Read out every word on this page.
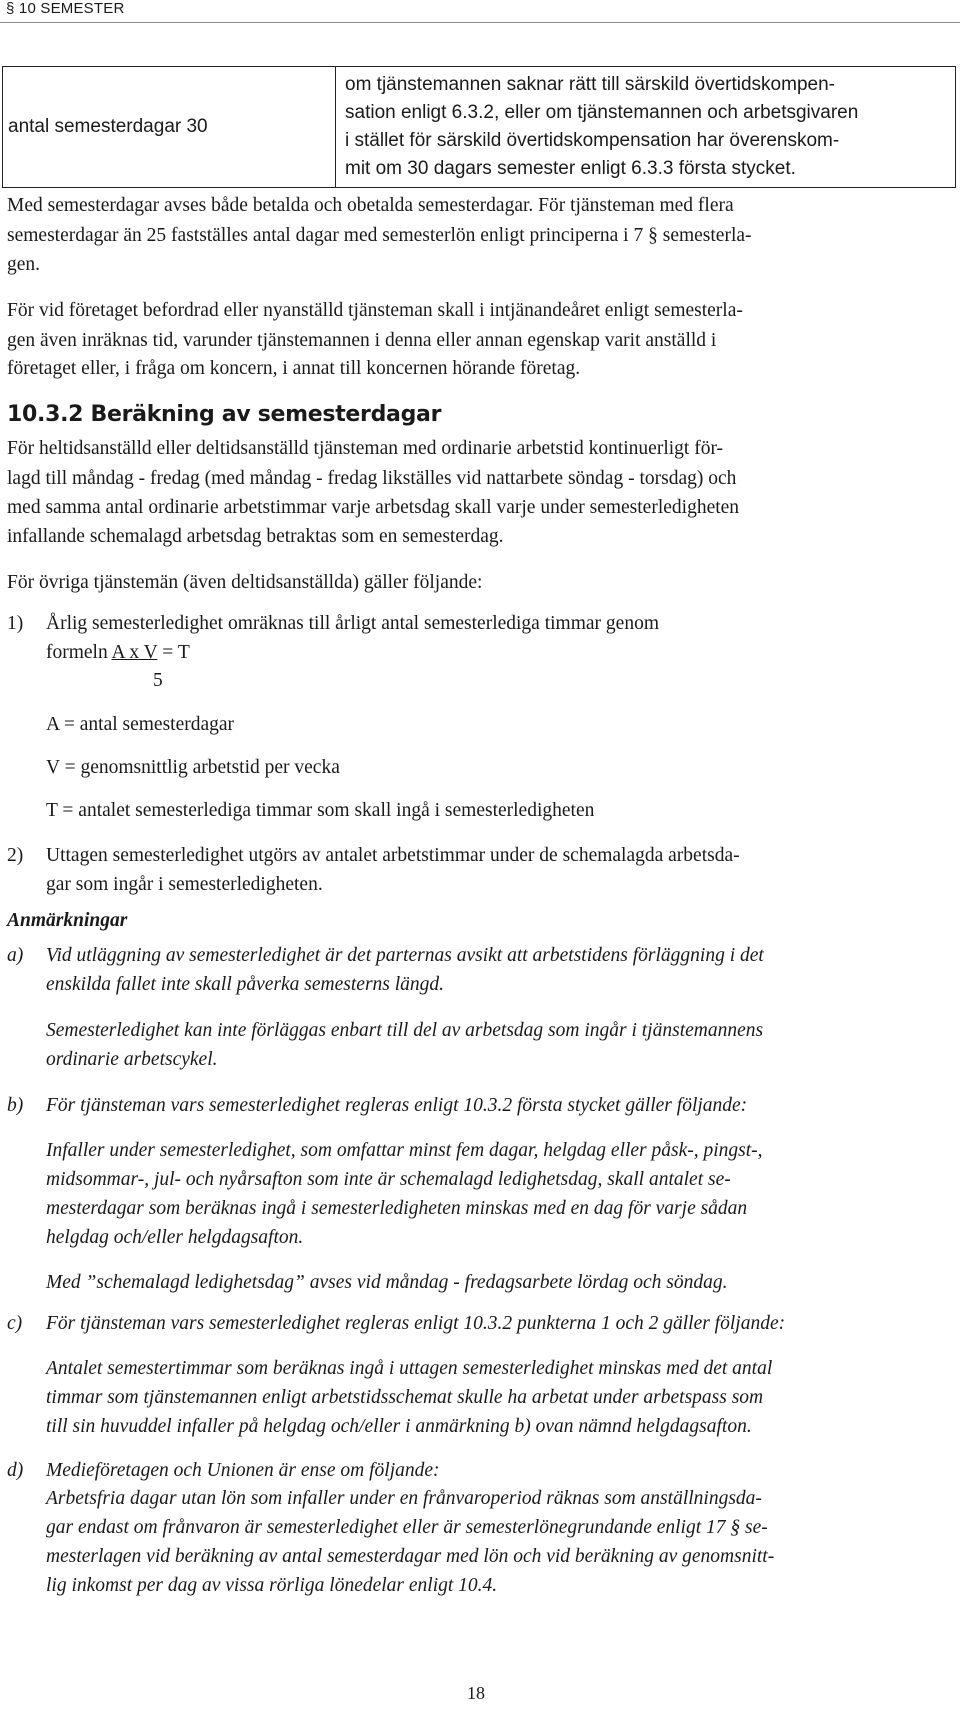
§ 10 SEMESTER
antal semesterdagar 30
om tjänstemannen saknar rätt till särskild övertidskompen-
sation enligt 6.3.2, eller om tjänstemannen och arbetsgivaren
i stället för särskild övertidskompensation har överenskom-
mit om 30 dagars semester enligt 6.3.3 första stycket.
Med semesterdagar avses både betalda och obetalda semesterdagar. För tjänsteman med flera
semesterdagar än 25 fastställes antal dagar med semesterlön enligt principerna i 7 § semesterla-
gen.
För vid företaget befordrad eller nyanställd tjänsteman skall i intjänandeåret enligt semesterla-
gen även inräknas tid, varunder tjänstemannen i denna eller annan egenskap varit anställd i
företaget eller, i fråga om koncern, i annat till koncernen hörande företag.
10.3.2 Beräkning av semesterdagar
För heltidsanställd eller deltidsanställd tjänsteman med ordinarie arbetstid kontinuerligt för-
lagd till måndag - fredag (med måndag - fredag likställes vid nattarbete söndag - torsdag) och
med samma antal ordinarie arbetstimmar varje arbetsdag skall varje under semesterledigheten
infallande schemalagd arbetsdag betraktas som en semesterdag.
För övriga tjänstemän (även deltidsanställda) gäller följande:
1) Årlig semesterledighet omräknas till årligt antal semesterlediga timmar genom
formeln A x V = T
5
A = antal semesterdagar
V = genomsnittlig arbetstid per vecka
T = antalet semesterlediga timmar som skall ingå i semesterledigheten
2) Uttagen semesterledighet utgörs av antalet arbetstimmar under de schemalagda arbetsda-
gar som ingår i semesterledigheten.
Anmärkningar
a) Vid utläggning av semesterledighet är det parternas avsikt att arbetstidens förläggning i det
enskilda fallet inte skall påverka semesterns längd.
Semesterledighet kan inte förläggas enbart till del av arbetsdag som ingår i tjänstemannens
ordinarie arbetscykel.
b) För tjänsteman vars semesterledighet regleras enligt 10.3.2 första stycket gäller följande:
Infaller under semesterledighet, som omfattar minst fem dagar, helgdag eller påsk-, pingst-,
midsommar-, jul- och nyårsafton som inte är schemalagd ledighetsdag, skall antalet se-
mesterdagar som beräknas ingå i semesterledigheten minskas med en dag för varje sådan
helgdag och/eller helgdagsafton.
Med ”schemalagd ledighetsdag” avses vid måndag - fredagsarbete lördag och söndag.
c) För tjänsteman vars semesterledighet regleras enligt 10.3.2 punkterna 1 och 2 gäller följande:
Antalet semestertimmar som beräknas ingå i uttagen semesterledighet minskas med det antal
timmar som tjänstemannen enligt arbetstidsschemat skulle ha arbetat under arbetspass som
till sin huvuddel infaller på helgdag och/eller i anmärkning b) ovan nämnd helgdagsafton.
d) Medieföretagen och Unionen är ense om följande:
Arbetsfria dagar utan lön som infaller under en frånvaroperiod räknas som anställningsda-
gar endast om frånvaron är semesterledighet eller är semesterlönegrundande enligt 17 § se-
mesterlagen vid beräkning av antal semesterdagar med lön och vid beräkning av genomsnitt-
lig inkomst per dag av vissa rörliga lönedelar enligt 10.4.
18
